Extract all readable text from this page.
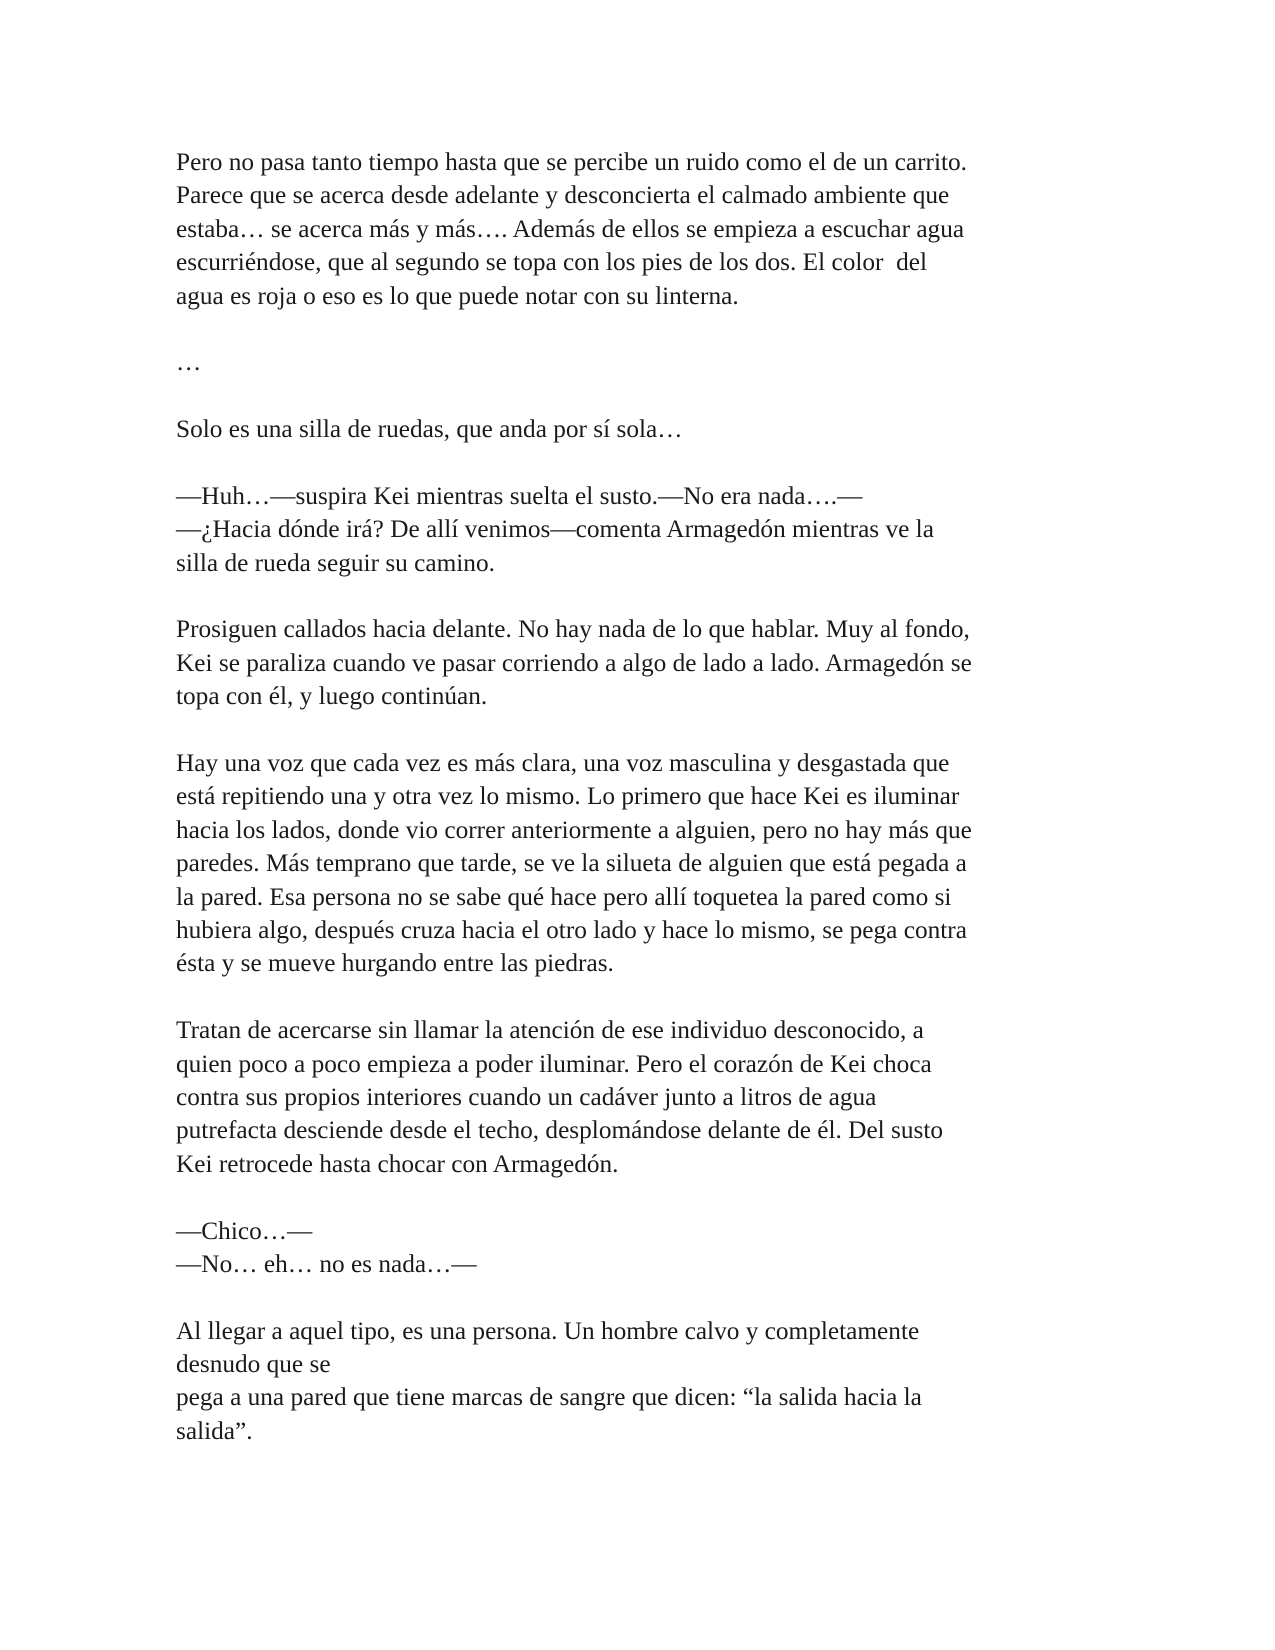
Pero no pasa tanto tiempo hasta que se percibe un ruido como el de un carrito.
Parece que se acerca desde adelante y desconcierta el calmado ambiente que
estaba… se acerca más y más…. Además de ellos se empieza a escuchar agua
escurriéndose, que al segundo se topa con los pies de los dos. El color  del
agua es roja o eso es lo que puede notar con su linterna.
…
Solo es una silla de ruedas, que anda por sí sola…
—Huh…—suspira Kei mientras suelta el susto.—No era nada….—
—¿Hacia dónde irá? De allí venimos—comenta Armagedón mientras ve la
silla de rueda seguir su camino.
Prosiguen callados hacia delante. No hay nada de lo que hablar. Muy al fondo,
Kei se paraliza cuando ve pasar corriendo a algo de lado a lado. Armagedón se
topa con él, y luego continúan.
Hay una voz que cada vez es más clara, una voz masculina y desgastada que
está repitiendo una y otra vez lo mismo. Lo primero que hace Kei es iluminar
hacia los lados, donde vio correr anteriormente a alguien, pero no hay más que
paredes. Más temprano que tarde, se ve la silueta de alguien que está pegada a
la pared. Esa persona no se sabe qué hace pero allí toquetea la pared como si
hubiera algo, después cruza hacia el otro lado y hace lo mismo, se pega contra
ésta y se mueve hurgando entre las piedras.
Tratan de acercarse sin llamar la atención de ese individuo desconocido, a
quien poco a poco empieza a poder iluminar. Pero el corazón de Kei choca
contra sus propios interiores cuando un cadáver junto a litros de agua
putrefacta desciende desde el techo, desplomándose delante de él. Del susto
Kei retrocede hasta chocar con Armagedón.
—Chico…—
—No… eh… no es nada…—
Al llegar a aquel tipo, es una persona. Un hombre calvo y completamente
desnudo que se
pega a una pared que tiene marcas de sangre que dicen: “la salida hacia la
salida”.
